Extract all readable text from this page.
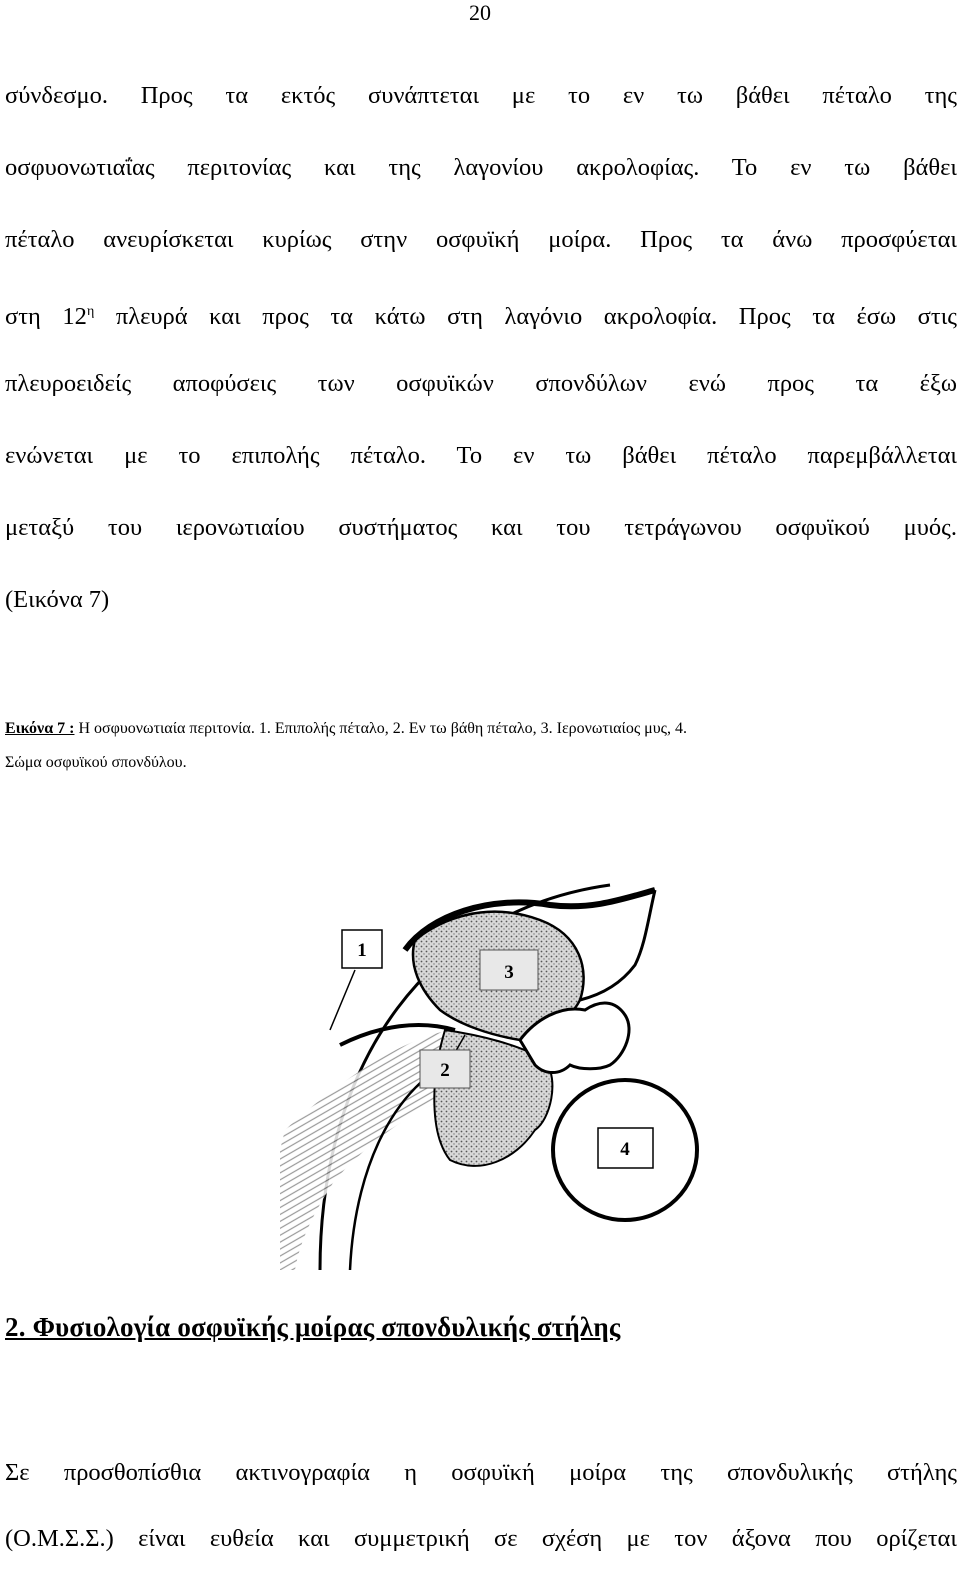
20
σύνδεσμο. Προς τα εκτός συνάπτεται με το εν τω βάθει πέταλο της
οσφυονωτιαΐας περιτονίας και της λαγονίου ακρολοφίας. Το εν τω βάθει
πέταλο ανευρίσκεται κυρίως στην οσφυϊκή μοίρα. Προς τα άνω προσφύεται
στη $12^\eta$ πλευρά και προς τα κάτω στη λαγόνιο ακρολοφία. Προς τα έσω στις
πλευροειδείς αποφύσεις των οσφυϊκών σπονδύλων ενώ προς τα έξω
ενώνεται με το επιπολής πέταλο. Το εν τω βάθει πέταλο παρεμβάλλεται
μεταξύ του ιερονωτιαίου συστήματος και του τετράγωνου οσφυϊκού μυός.
(Εικόνα 7)
Εικόνα 7 : Η οσφυονωτιαία περιτονία. 1. Επιπολής πέταλο, 2. Εν τω βάθη πέταλο, 3. Ιερονωτιαίος μυς, 4.
Σώμα οσφυϊκού σπονδύλου.
1
3
2
4
2. Φυσιολογία οσφυϊκής μοίρας σπονδυλικής στήλης
Σε προσθοπίσθια ακτινογραφία η οσφυϊκή μοίρα της σπονδυλικής στήλης
(Ο.Μ.Σ.Σ.) είναι ευθεία και συμμετρική σε σχέση με τον άξονα που ορίζεται
